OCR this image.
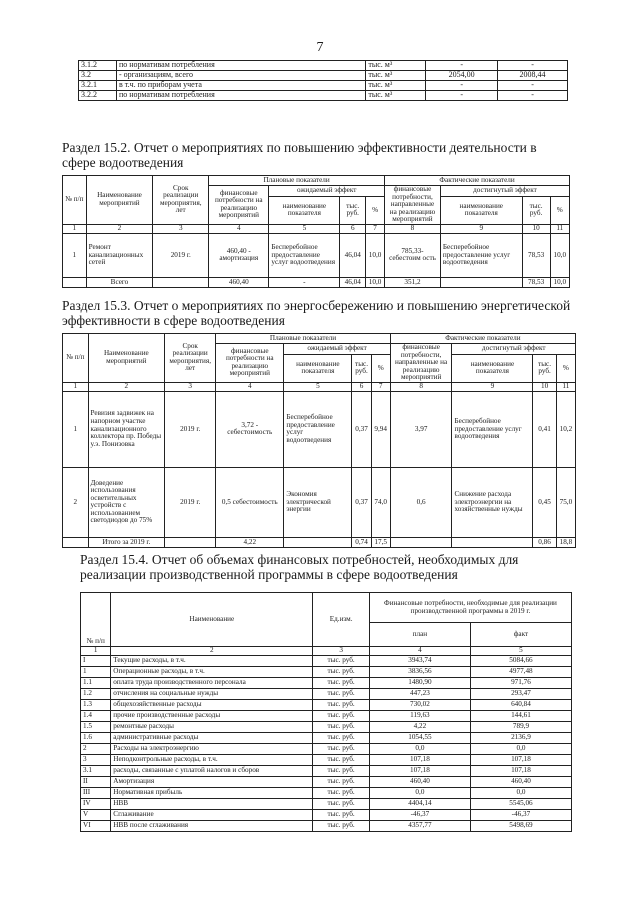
7
3.1.2	по нормативам потребления	тыс. м³	-	-
3.2	- организациям, всего	тыс. м³	2054,00	2008,44
3.2.1	в т.ч. по приборам учета	тыс. м³	-	-
3.2.2	по нормативам потребления	тыс. м³	-	-
Раздел 15.2. Отчет о мероприятиях по повышению эффективности деятельности в сфере водоотведения
№ п/п	Наименование мероприятий	Срок реализации мероприятия, лет	Плановые показатели				Фактические показатели			
			финансовые потребности на реализацию мероприятий	ожидаемый эффект			финансовые потребности, направленные на реализацию мероприятий	достигнутый эффект		
				наименование показателя	тыс. руб.	%		наименование показателя	тыс. руб.	%
1	2	3	4	5	6	7	8	9	10	11
1	Ремонт канализационных сетей	2019 г.	460,40 - амортизация	Бесперебойное предоставление услуг водоотведения	46,04	10,0	785,33- себестоим ость	Бесперебойное предоставление услуг водоотведения	78,53	10,0
	Всего		460,40	-	46,04	10,0	351,2		78,53	10,0
Раздел 15.3. Отчет о мероприятиях по энергосбережению и повышению энергетической эффективности в сфере водоотведения
№ п/п	Наименование мероприятий	Срок реализации мероприятия, лет	Плановые показатели				Фактические показатели			
			финансовые потребности на реализацию мероприятий	ожидаемый эффект			финансовые потребности, направленные на реализацию мероприятий	достигнутый эффект		
				наименование показателя	тыс. руб.	%		наименование показателя	тыс. руб.	%
1	2	3	4	5	6	7	8	9	10	11
1	Ревизия задвижек на напорном участке канализационного коллектора пр. Победы у.э. Понизовка	2019 г.	3,72 - себестоимость	Бесперебойное предоставление услуг водоотведения	0,37	9,94	3,97	Бесперебойное предоставление услуг водоотведения	0,41	10,2
2	Доведение использования осветительных устройств с использованием светодиодов до 75%	2019 г.	0,5 себестоимость	Экономия электрической энергии	0,37	74,0	0,6	Снижение расхода электроэнергии на хозяйственные нужды	0,45	75,0
	Итого за 2019 г.		4,22		0,74	17,5			0,86	18,8
Раздел 15.4. Отчет об объемах финансовых потребностей, необходимых для реализации производственной программы в сфере водоотведения
№ п/п	Наименование	Ед.изм.	Финансовые потребности, необходимые для реализации производственной программы в 2019 г.	
			план	факт
1	2	3	4	5
I	Текущие расходы, в т.ч.	тыс. руб.	3943,74	5084,66
1	Операционные расходы, в т.ч.	тыс. руб.	3836,56	4977,48
1.1	оплата труда производственного персонала	тыс. руб.	1480,90	971,76
1.2	отчисления на социальные нужды	тыс. руб.	447,23	293,47
1.3	общехозяйственные расходы	тыс. руб.	730,02	640,84
1.4	прочие производственные расходы	тыс. руб.	119,63	144,61
1.5	ремонтные расходы	тыс. руб.	4,22	789,9
1.6	административные расходы	тыс. руб.	1054,55	2136,9
2	Расходы на электроэнергию	тыс. руб.	0,0	0,0
3	Неподконтрольные расходы, в т.ч.	тыс. руб.	107,18	107,18
3.1	расходы, связанные с уплатой налогов и сборов	тыс. руб.	107,18	107,18
II	Амортизация	тыс. руб.	460,40	460,40
III	Нормативная прибыль	тыс. руб.	0,0	0,0
IV	НВВ	тыс. руб.	4404,14	5545,06
V	Сглаживание	тыс. руб.	-46,37	-46,37
VI	НВВ после сглаживания	тыс. руб.	4357,77	5498,69
